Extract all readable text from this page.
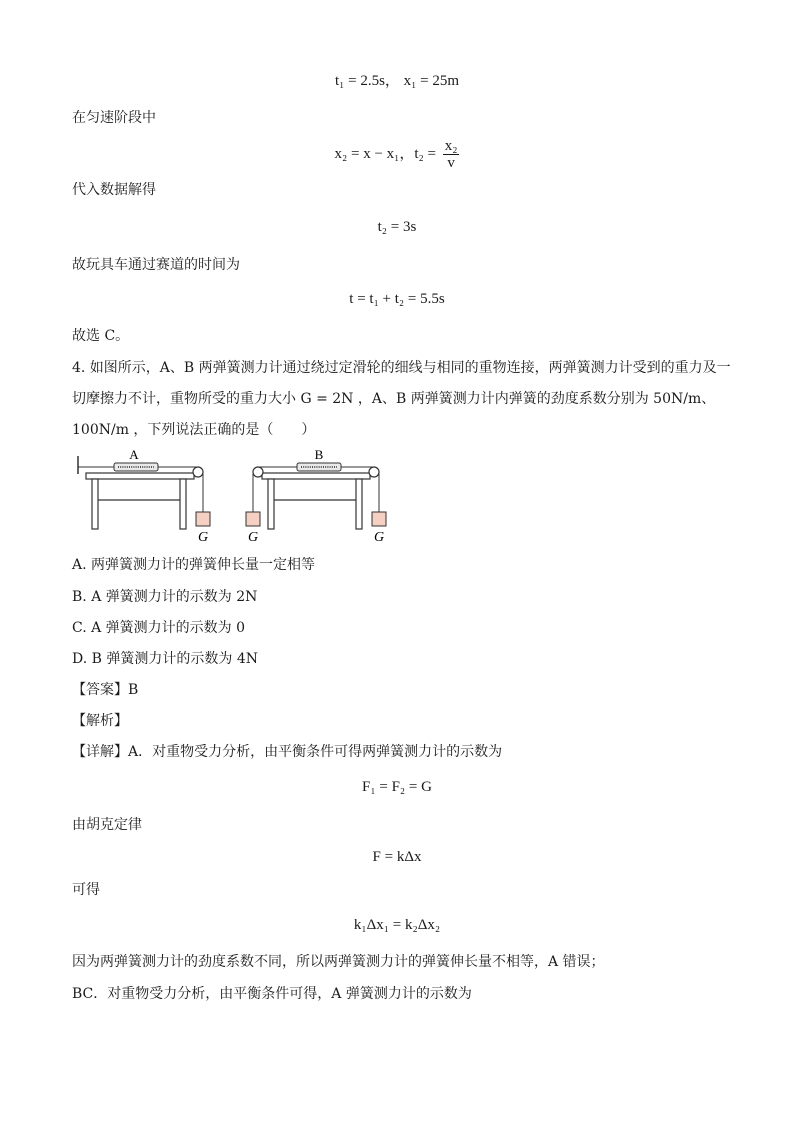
t₁ = 2.5s， x₁ = 25m
在匀速阶段中
x₂ = x − x₁，$t_2 = \frac{\text{x₂}}{v}$
代入数据解得
t₂ = 3s
故玩具车通过赛道的时间为
t = t₁ + t₂ = 5.5s
故选 C。
4. 如图所示，A、B 两弹簧测力计通过绕过定滑轮的细线与相同的重物连接，两弹簧测力计受到的重力及一
切摩擦力不计，重物所受的重力大小 G = 2N ，A、B 两弹簧测力计内弹簧的劲度系数分别为 50N/m、
100N/m ，下列说法正确的是（　　）
A
G
B
G	G
A. 两弹簧测力计的弹簧伸长量一定相等
B. A 弹簧测力计的示数为 2N
C. A 弹簧测力计的示数为 0
D. B 弹簧测力计的示数为 4N
【答案】B
【解析】
【详解】A．对重物受力分析，由平衡条件可得两弹簧测力计的示数为
F₁ = F₂ = G
由胡克定律
F = kΔx
可得
k₁Δx₁ = k₂Δx₂
因为两弹簧测力计的劲度系数不同，所以两弹簧测力计的弹簧伸长量不相等，A 错误；
BC．对重物受力分析，由平衡条件可得，A 弹簧测力计的示数为
